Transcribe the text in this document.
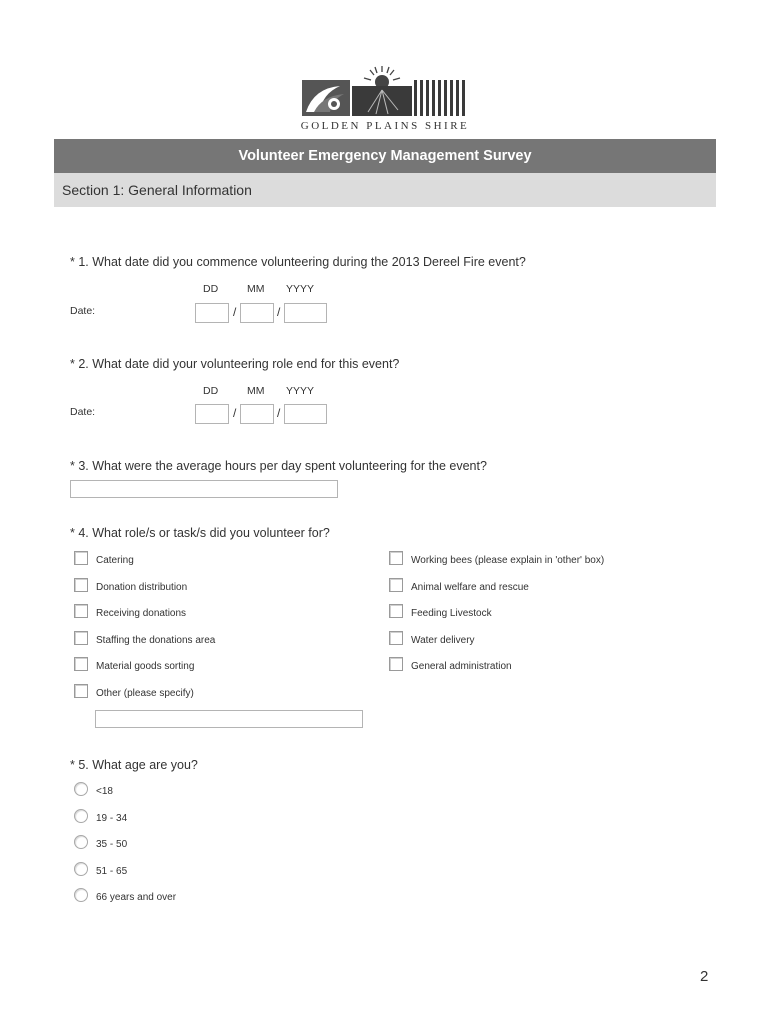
GOLDEN PLAINS SHIRE
Volunteer Emergency Management Survey
Section 1: General Information
* 1. What date did you commence volunteering during the 2013 Dereel Fire event?
DD	MM YYYY
Date:	/	/
* 2. What date did your volunteering role end for this event?
DD	MM YYYY
Date:	/	/
* 3. What were the average hours per day spent volunteering for the event?
* 4. What role/s or task/s did you volunteer for?
Catering
Donation distribution
Receiving donations
Staffing the donations area
Material goods sorting
Other (please specify)
Working bees (please explain in 'other' box)
Animal welfare and rescue
Feeding Livestock
Water delivery
General administration
* 5. What age are you?
<18
19 - 34
35 - 50
51 - 65
66 years and over
2
